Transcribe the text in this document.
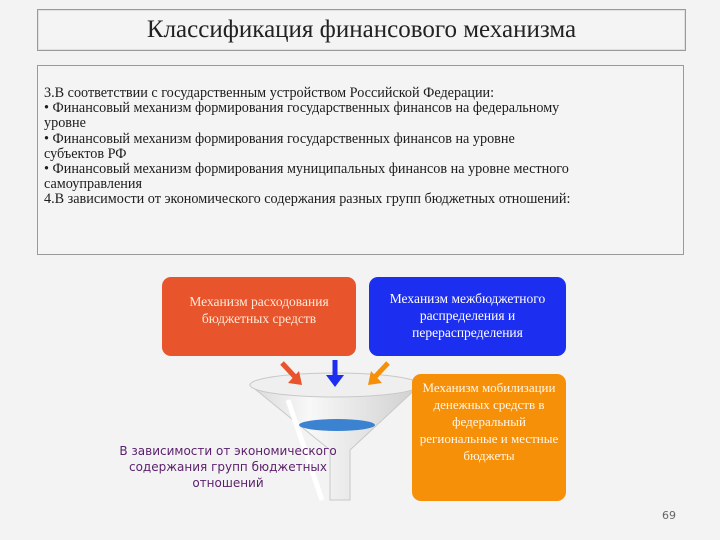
Классификация финансового механизма

3.В соответствии с государственным устройством Российской Федерации:

• Финансовый механизм формирования государственных финансов на федеральному

уровне

• Финансовый механизм формирования государственных финансов на уровне

субъектов РФ

• Финансовый механизм формирования муниципальных финансов на уровне местного

самоуправления

4.В зависимости от экономического содержания разных групп бюджетных отношений:

Механизм расходования бюджетных средств
Механизм межбюджетного распределения и перераспределения
Механизм мобилизации денежных средств в федеральный региональные и местные бюджеты
В зависимости от экономического содержания групп бюджетных отношений
69
